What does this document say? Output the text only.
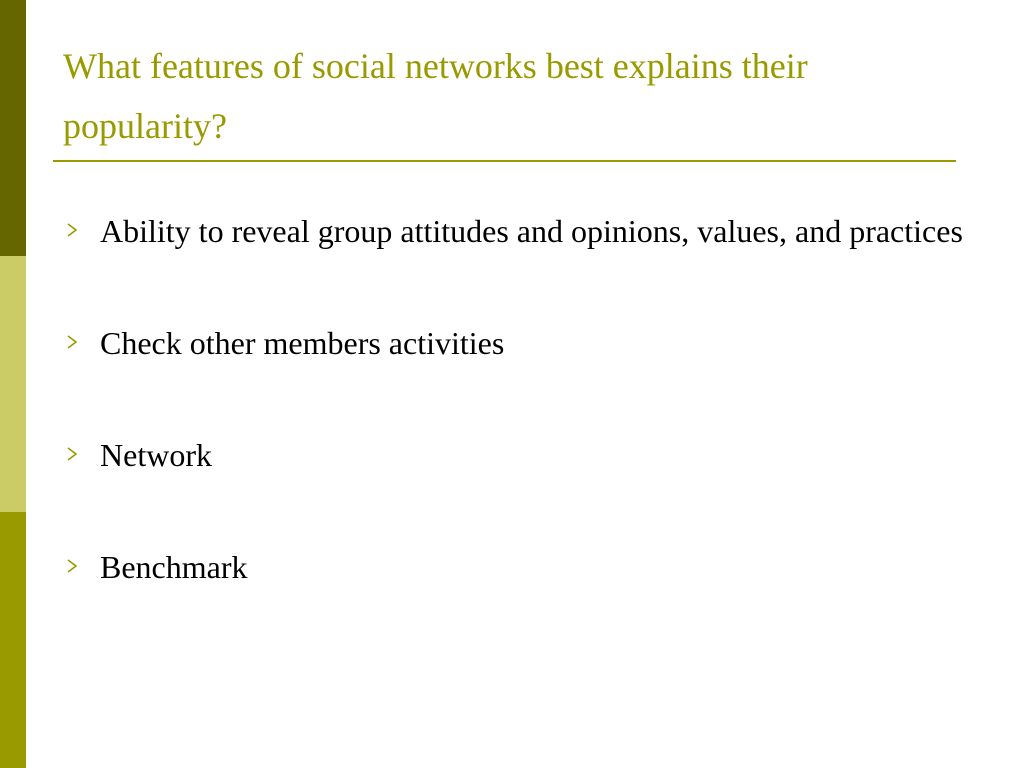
What features of social networks best explains their popularity?
Ability to reveal group attitudes and opinions, values, and practices
Check other members activities
Network
Benchmark
